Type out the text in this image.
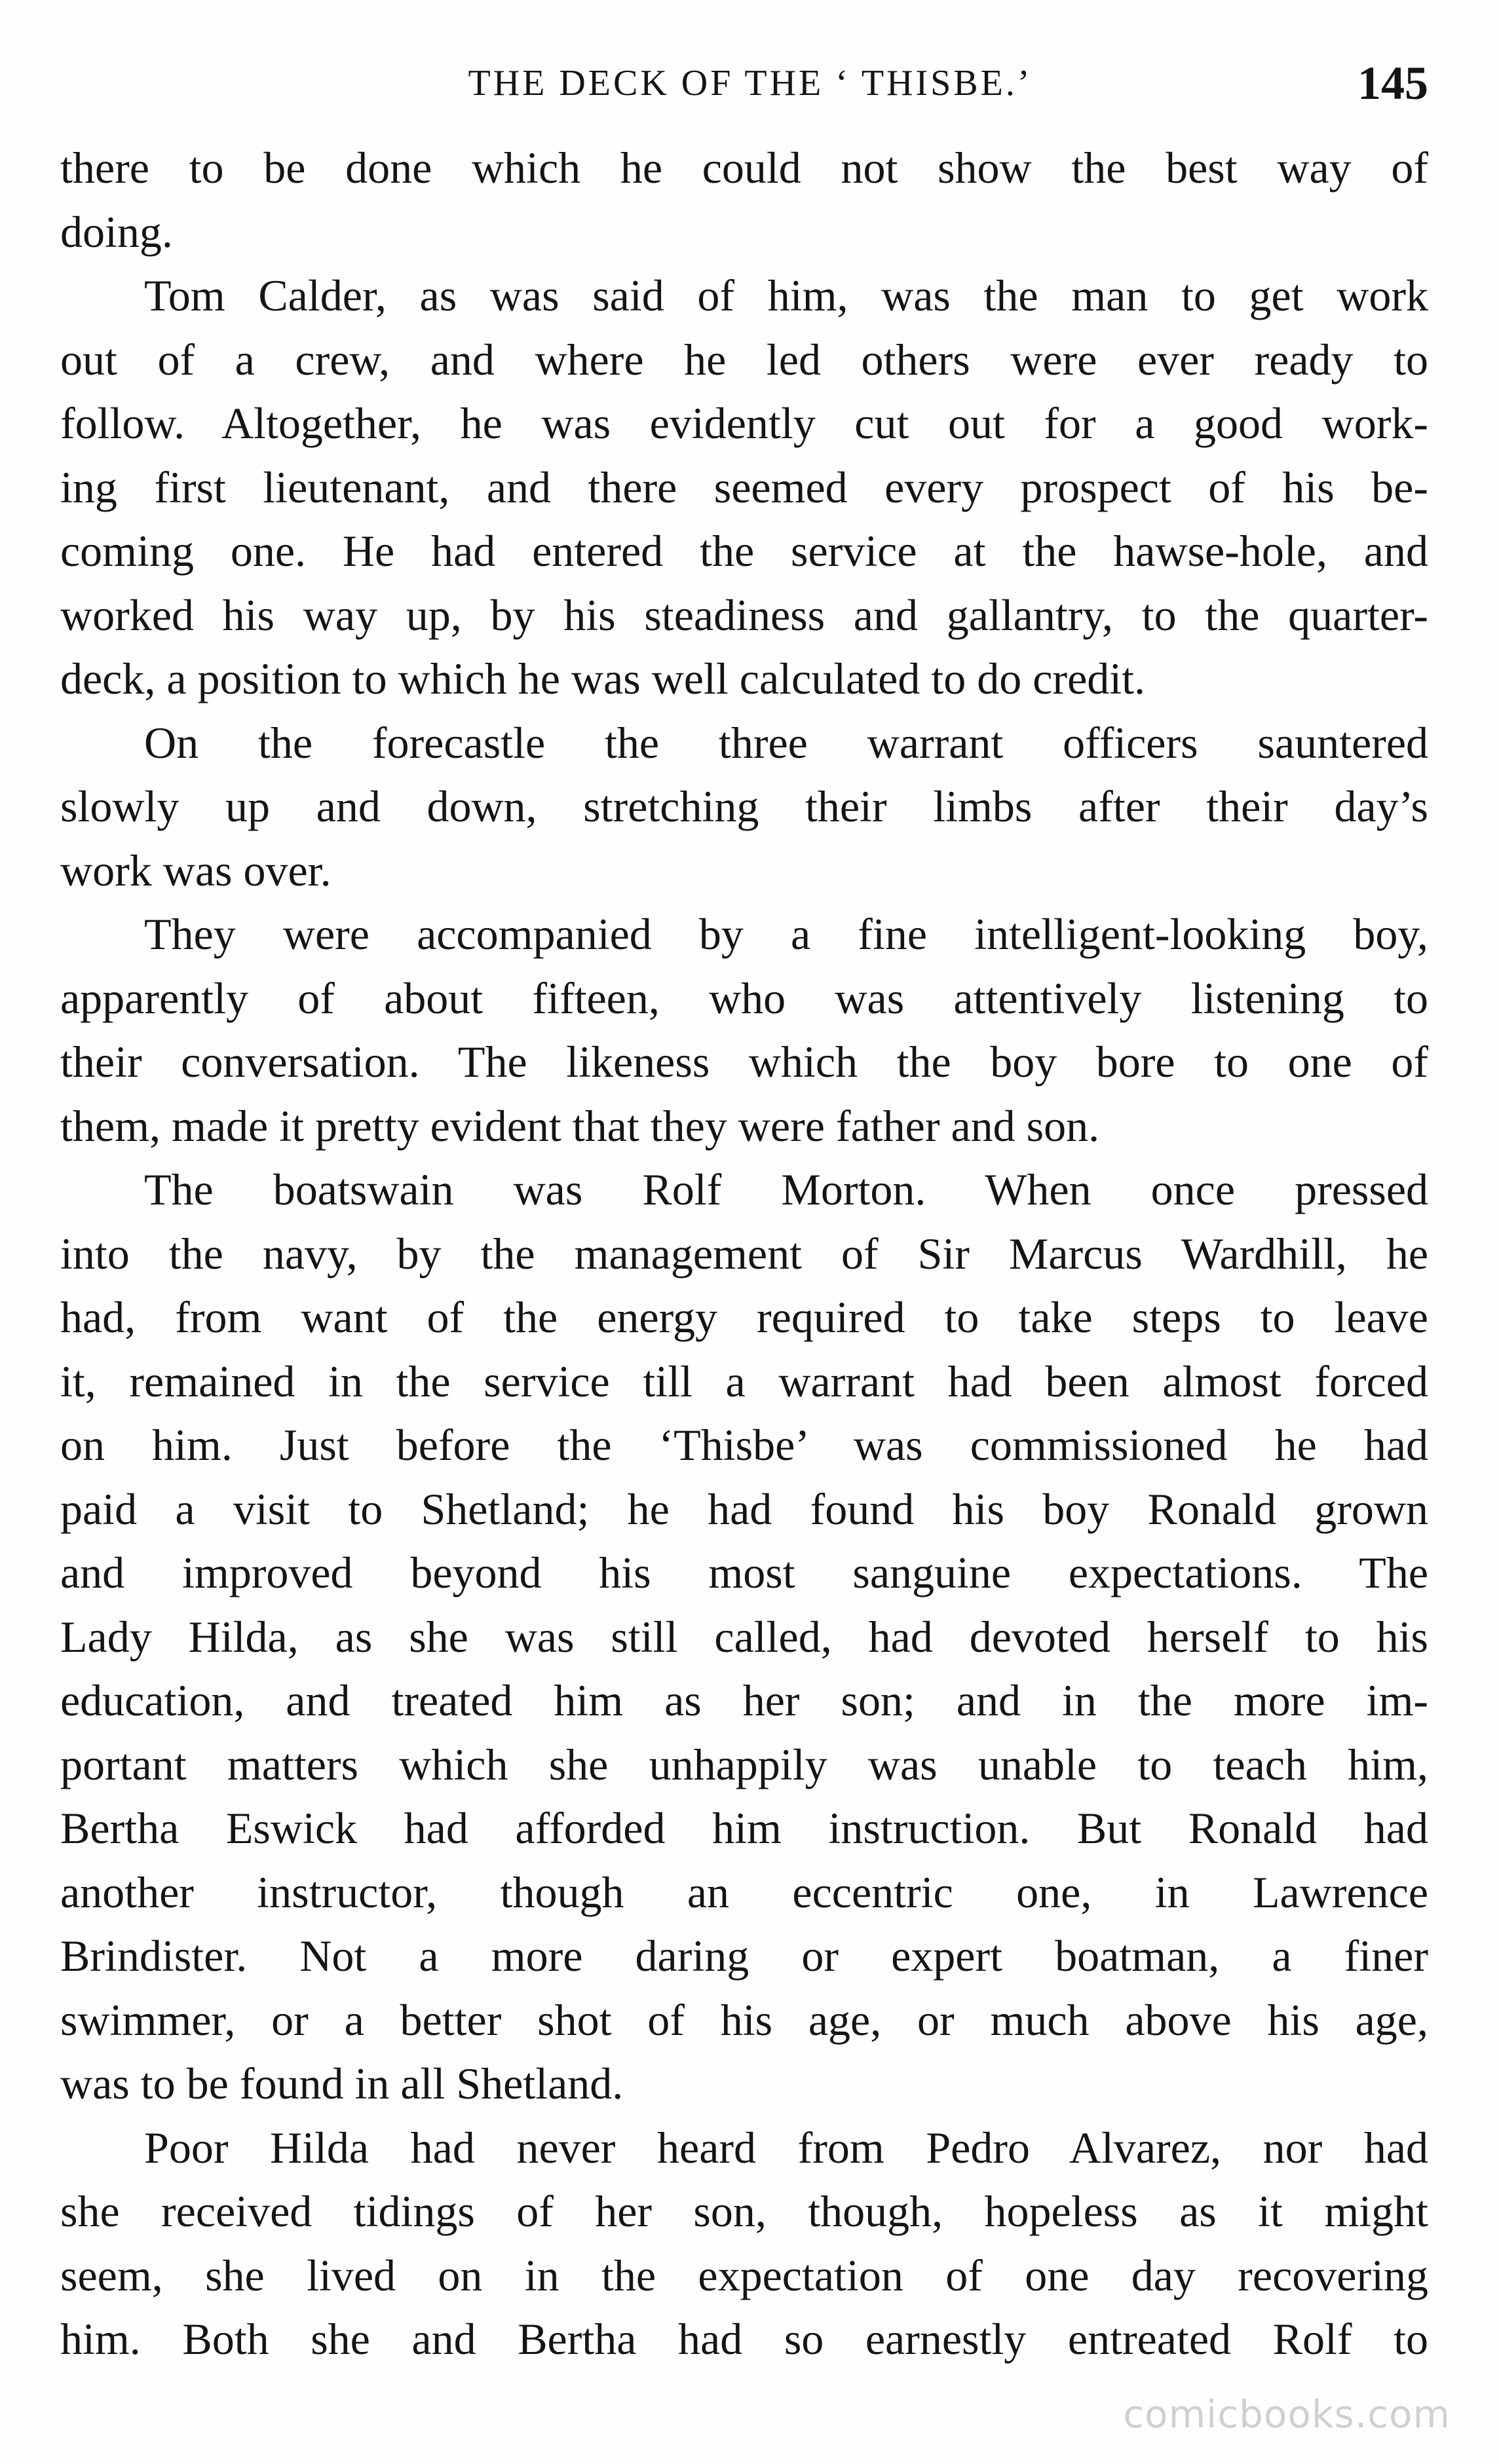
THE DECK OF THE ‘ THISBE.’	145
there to be done which he could not show the best way of
doing.
Tom Calder, as was said of him, was the man to get work
out of a crew, and where he led others were ever ready to
follow. Altogether, he was evidently cut out for a good work-
ing first lieutenant, and there seemed every prospect of his be-
coming one. He had entered the service at the hawse-hole, and
worked his way up, by his steadiness and gallantry, to the quarter-
deck, a position to which he was well calculated to do credit.
On the forecastle the three warrant officers sauntered
slowly up and down, stretching their limbs after their day’s
work was over.
They were accompanied by a fine intelligent-looking boy,
apparently of about fifteen, who was attentively listening to
their conversation. The likeness which the boy bore to one of
them, made it pretty evident that they were father and son.
The boatswain was Rolf Morton. When once pressed
into the navy, by the management of Sir Marcus Wardhill, he
had, from want of the energy required to take steps to leave
it, remained in the service till a warrant had been almost forced
on him. Just before the ‘Thisbe’ was commissioned he had
paid a visit to Shetland; he had found his boy Ronald grown
and improved beyond his most sanguine expectations. The
Lady Hilda, as she was still called, had devoted herself to his
education, and treated him as her son; and in the more im-
portant matters which she unhappily was unable to teach him,
Bertha Eswick had afforded him instruction. But Ronald had
another instructor, though an eccentric one, in Lawrence
Brindister. Not a more daring or expert boatman, a finer
swimmer, or a better shot of his age, or much above his age,
was to be found in all Shetland.
Poor Hilda had never heard from Pedro Alvarez, nor had
she received tidings of her son, though, hopeless as it might
seem, she lived on in the expectation of one day recovering
him. Both she and Bertha had so earnestly entreated Rolf to
comicbooks.com
